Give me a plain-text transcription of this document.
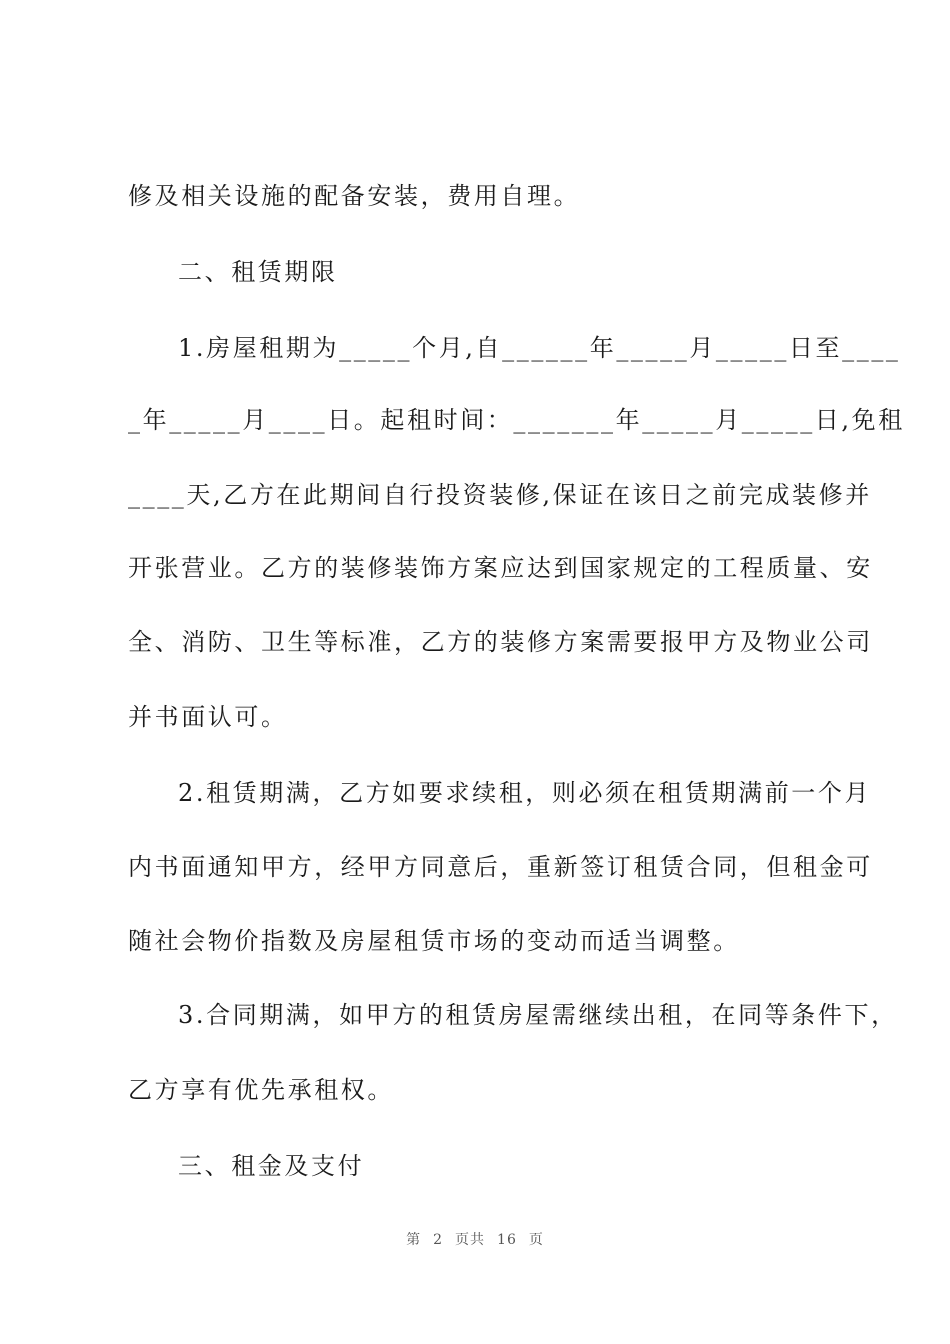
修及相关设施的配备安装，费用自理。
二、租赁期限
1.房屋租期为_____个月,自______年_____月_____日至____
_年_____月____日。起租时间：_______年_____月_____日,免租
____天,乙方在此期间自行投资装修,保证在该日之前完成装修并
开张营业。乙方的装修装饰方案应达到国家规定的工程质量、安
全、消防、卫生等标准，乙方的装修方案需要报甲方及物业公司
并书面认可。
2.租赁期满，乙方如要求续租，则必须在租赁期满前一个月
内书面通知甲方，经甲方同意后，重新签订租赁合同，但租金可
随社会物价指数及房屋租赁市场的变动而适当调整。
3.合同期满，如甲方的租赁房屋需继续出租，在同等条件下，
乙方享有优先承租权。
三、租金及支付
第 2 页共 16 页
